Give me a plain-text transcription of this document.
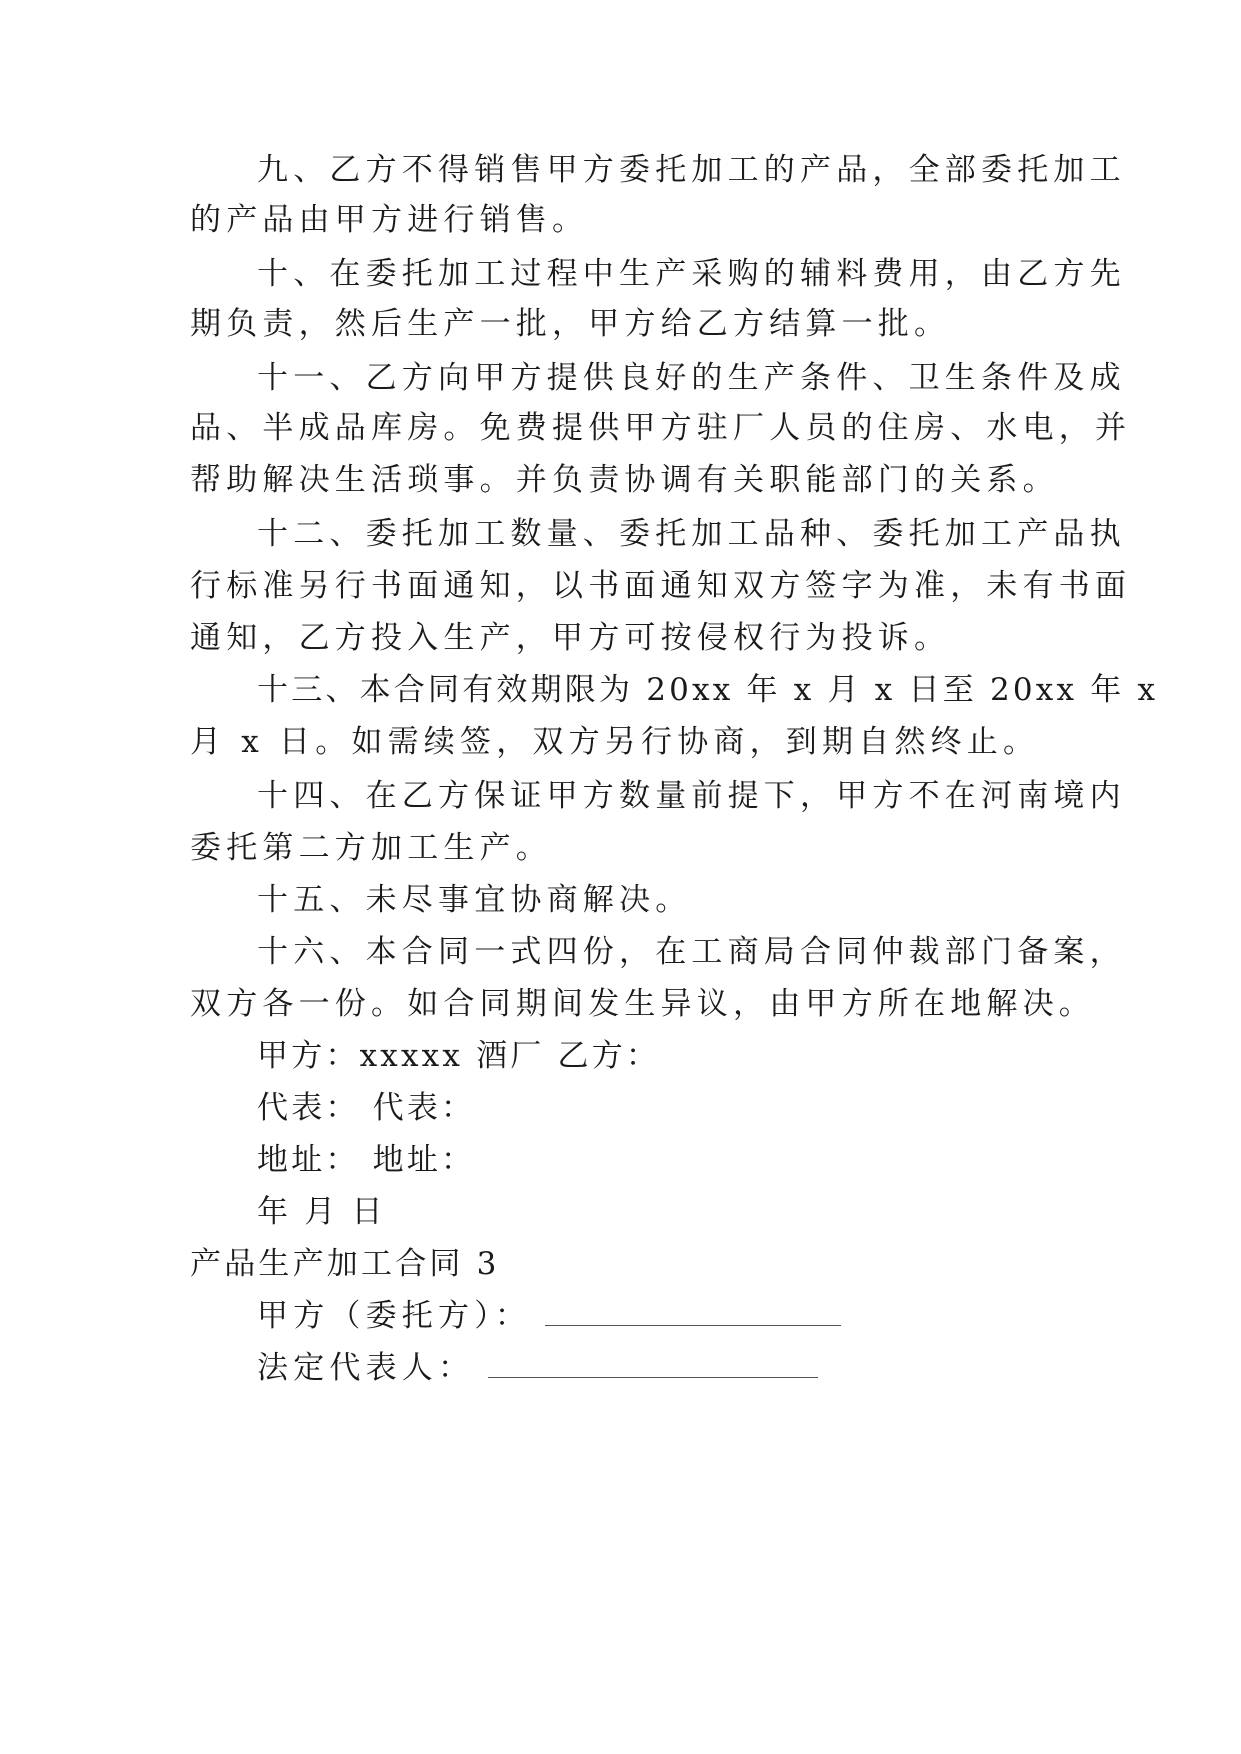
九、乙方不得销售甲方委托加工的产品，全部委托加工
的产品由甲方进行销售。
十、在委托加工过程中生产采购的辅料费用，由乙方先
期负责，然后生产一批，甲方给乙方结算一批。
十一、乙方向甲方提供良好的生产条件、卫生条件及成
品、半成品库房。免费提供甲方驻厂人员的住房、水电，并
帮助解决生活琐事。并负责协调有关职能部门的关系。
十二、委托加工数量、委托加工品种、委托加工产品执
行标准另行书面通知，以书面通知双方签字为准，未有书面
通知，乙方投入生产，甲方可按侵权行为投诉。
十三、本合同有效期限为 20xx 年 x 月 x 日至 20xx 年 x
月 x 日。如需续签，双方另行协商，到期自然终止。
十四、在乙方保证甲方数量前提下，甲方不在河南境内
委托第二方加工生产。
十五、未尽事宜协商解决。
十六、本合同一式四份，在工商局合同仲裁部门备案，
双方各一份。如合同期间发生异议，由甲方所在地解决。
甲方：xxxxx 酒厂 乙方：
代表： 代表：
地址： 地址：
年 月 日
产品生产加工合同 3
甲方（委托方）：
法定代表人：
